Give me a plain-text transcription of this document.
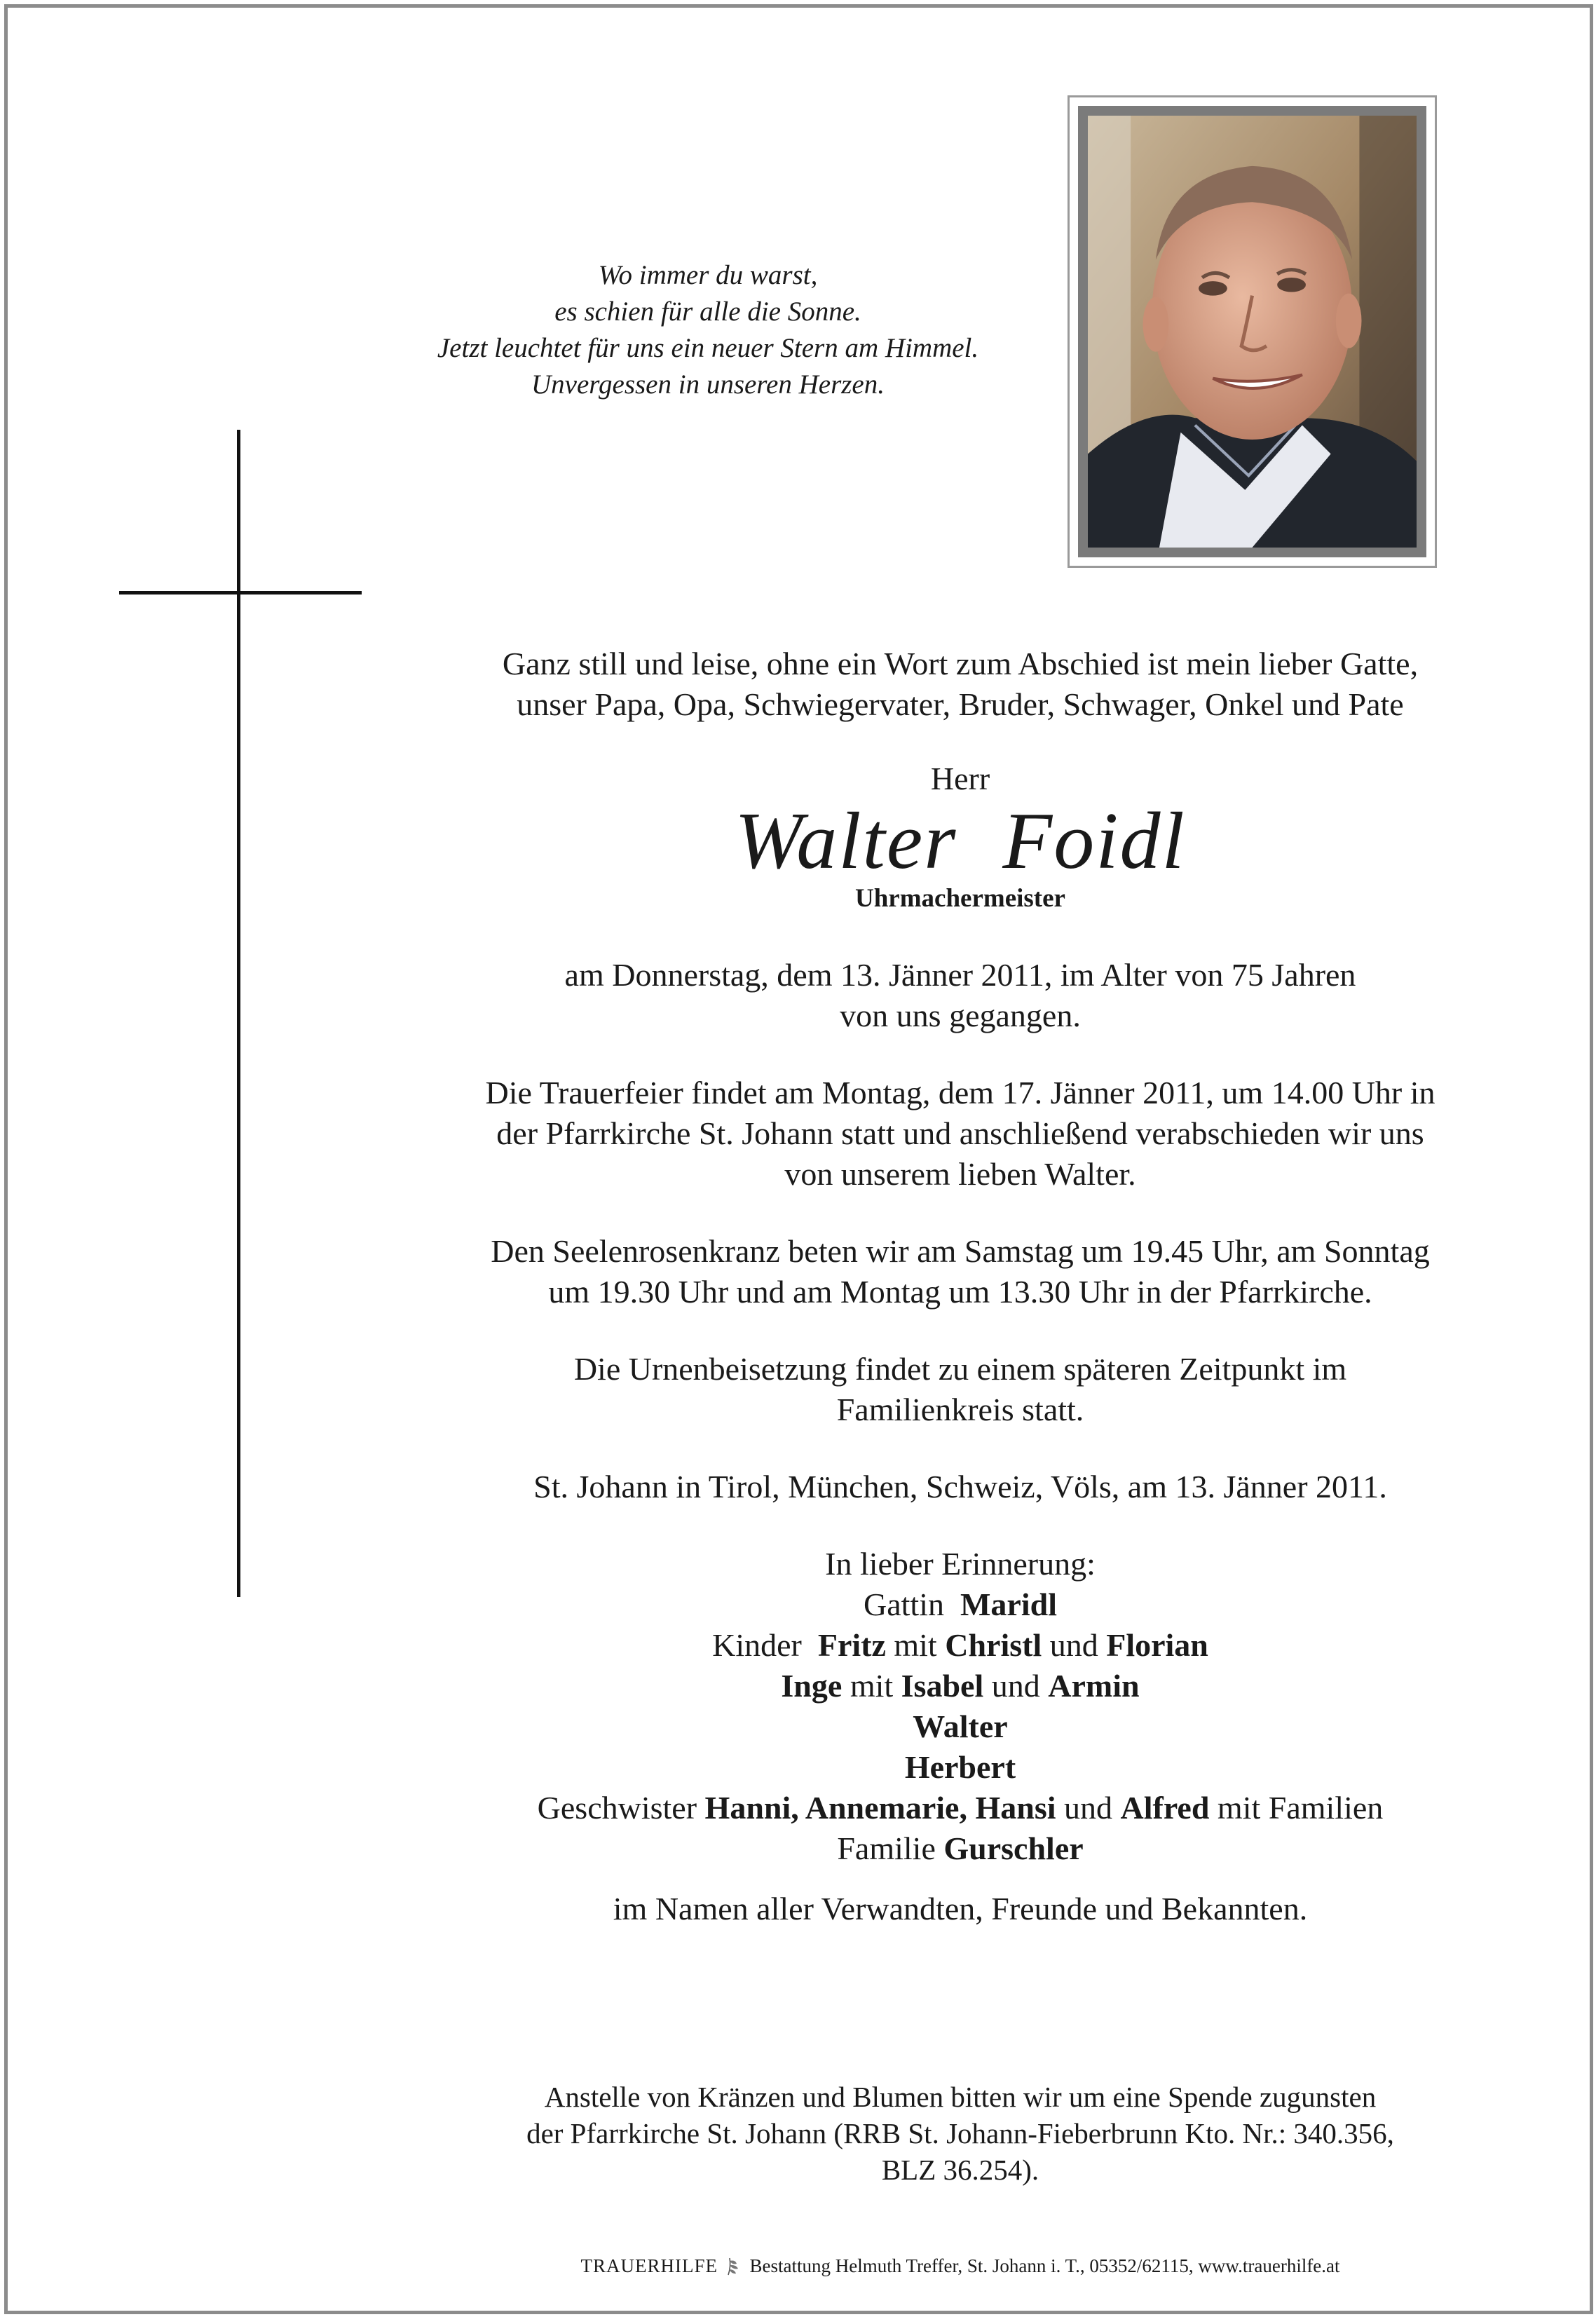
Wo immer du warst,
es schien für alle die Sonne.
Jetzt leuchtet für uns ein neuer Stern am Himmel.
Unvergessen in unseren Herzen.
Ganz still und leise, ohne ein Wort zum Abschied ist mein lieber Gatte,
unser Papa, Opa, Schwiegervater, Bruder, Schwager, Onkel und Pate
Herr
Walter Foidl
Uhrmachermeister
am Donnerstag, dem 13. Jänner 2011, im Alter von 75 Jahren
von uns gegangen.
Die Trauerfeier findet am Montag, dem 17. Jänner 2011, um 14.00 Uhr in
der Pfarrkirche St. Johann statt und anschließend verabschieden wir uns
von unserem lieben Walter.
Den Seelenrosenkranz beten wir am Samstag um 19.45 Uhr, am Sonntag
um 19.30 Uhr und am Montag um 13.30 Uhr in der Pfarrkirche.
Die Urnenbeisetzung findet zu einem späteren Zeitpunkt im
Familienkreis statt.
St. Johann in Tirol, München, Schweiz, Völs, am 13. Jänner 2011.
In lieber Erinnerung:
Gattin Maridl
Kinder Fritz mit Christl und Florian
Inge mit Isabel und Armin
Walter
Herbert
Geschwister Hanni, Annemarie, Hansi und Alfred mit Familien
Familie Gurschler
im Namen aller Verwandten, Freunde und Bekannten.
Anstelle von Kränzen und Blumen bitten wir um eine Spende zugunsten
der Pfarrkirche St. Johann (RRB St. Johann-Fieberbrunn Kto. Nr.: 340.356,
BLZ 36.254).
TRAUERHILFE Bestattung Helmuth Treffer, St. Johann i. T., 05352/62115, www.trauerhilfe.at
